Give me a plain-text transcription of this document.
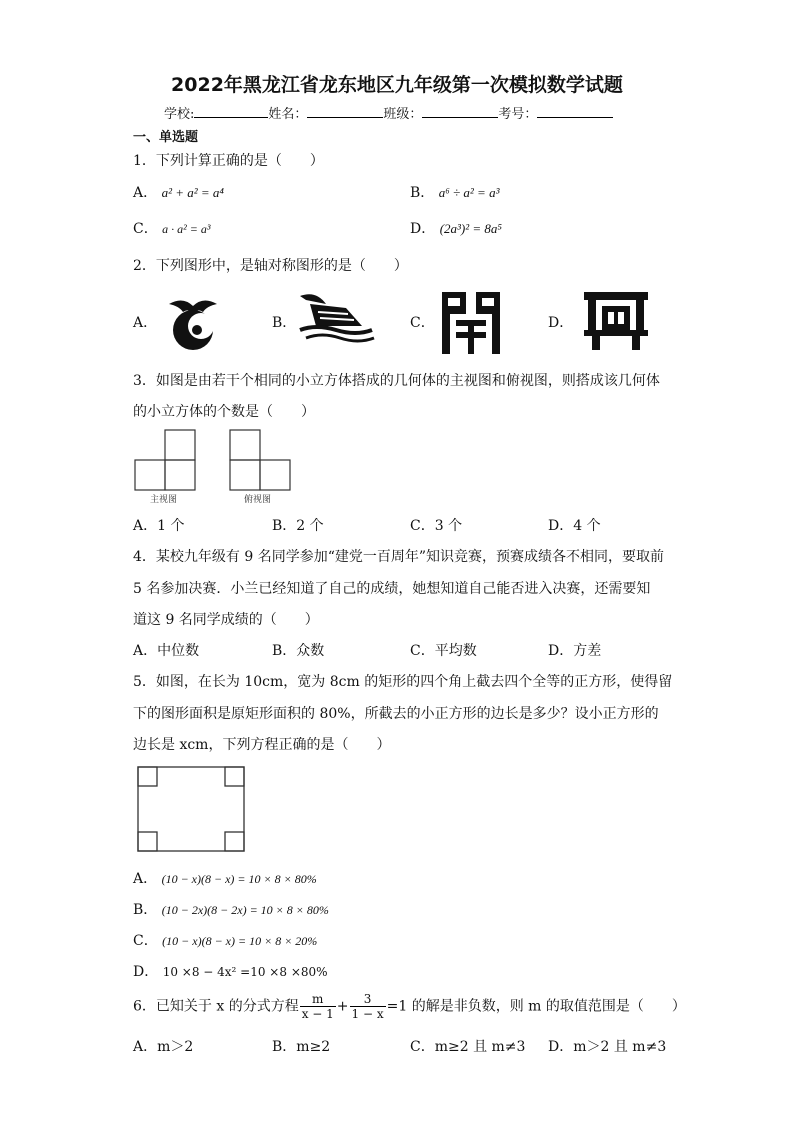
2022年黑龙江省龙东地区九年级第一次模拟数学试题
学校:	姓名：	班级：	考号：
一、单选题
1．下列计算正确的是（　　）
A． a² + a² = a⁴	B． a⁶ ÷ a² = a³
C． a · a² = a³	D． (2a³)² = 8a⁵
2．下列图形中，是轴对称图形的是（　　）
A．	B．	C．	D．
3．如图是由若干个相同的小立方体搭成的几何体的主视图和俯视图，则搭成该几何体
的小立方体的个数是（　　）
主视图	俯视图
A．1 个	B．2 个	C．3 个	D．4 个
4．某校九年级有 9 名同学参加“建党一百周年”知识竞赛，预赛成绩各不相同，要取前
5 名参加决赛．小兰已经知道了自己的成绩，她想知道自己能否进入决赛，还需要知
道这 9 名同学成绩的（　　）
A．中位数	B．众数	C．平均数	D．方差
5．如图，在长为 10cm，宽为 8cm 的矩形的四个角上截去四个全等的正方形，使得留
下的图形面积是原矩形面积的 80%，所截去的小正方形的边长是多少？设小正方形的
边长是 xcm，下列方程正确的是（　　）
A． (10 − x)(8 − x) = 10 × 8 × 80%
B． (10 − 2x)(8 − 2x) = 10 × 8 × 80%
C． (10 − x)(8 − x) = 10 × 8 × 20%
D． 10 ×8 − 4x² =10 ×8 ×80%
6．已知关于 x 的分式方程 $\frac{m}{x - 1} + \frac{3}{1 - x} =1$ 的解是非负数，则 m 的取值范围是（　　）
A．m＞2	B．m≥2	C．m≥2 且 m≠3 D．m＞2 且 m≠3
